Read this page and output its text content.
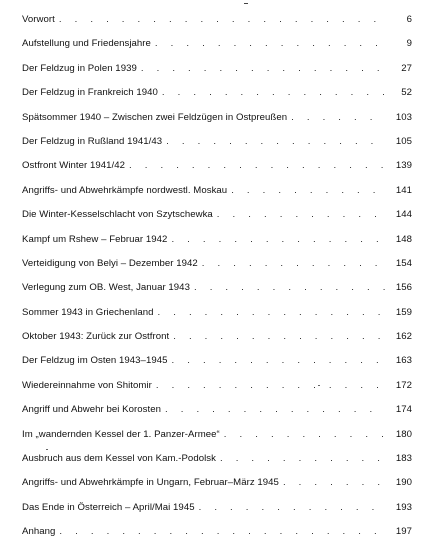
Vorwort . . .	6
Aufstellung und Friedensjahre . . .	9
Der Feldzug in Polen 1939 . . .	27
Der Feldzug in Frankreich 1940 . . .	52
Spätsommer 1940 – Zwischen zwei Feldzügen in Ostpreußen . . .	103
Der Feldzug in Rußland 1941/43 . . .	105
Ostfront Winter 1941/42 . . .	139
Angriffs- und Abwehrkämpfe nordwestl. Moskau . . .	141
Die Winter-Kesselschlacht von Szytschewka . . .	144
Kampf um Rshew – Februar 1942 . . .	148
Verteidigung von Belyi – Dezember 1942 . . .	154
Verlegung zum OB. West, Januar 1943 . . .	156
Sommer 1943 in Griechenland . . .	159
Oktober 1943: Zurück zur Ostfront . . .	162
Der Feldzug im Osten 1943–1945 . . .	163
Wiedereinnahme von Shitomir . . .	172
Angriff und Abwehr bei Korosten . . .	174
Im „wandernden Kessel der 1. Panzer-Armee“ . . .	180
Ausbruch aus dem Kessel von Kam.-Podolsk . . .	183
Angriffs- und Abwehrkämpfe in Ungarn, Februar–März 1945 . . .	190
Das Ende in Österreich – April/Mai 1945 . . .	193
Anhang . . .	197
